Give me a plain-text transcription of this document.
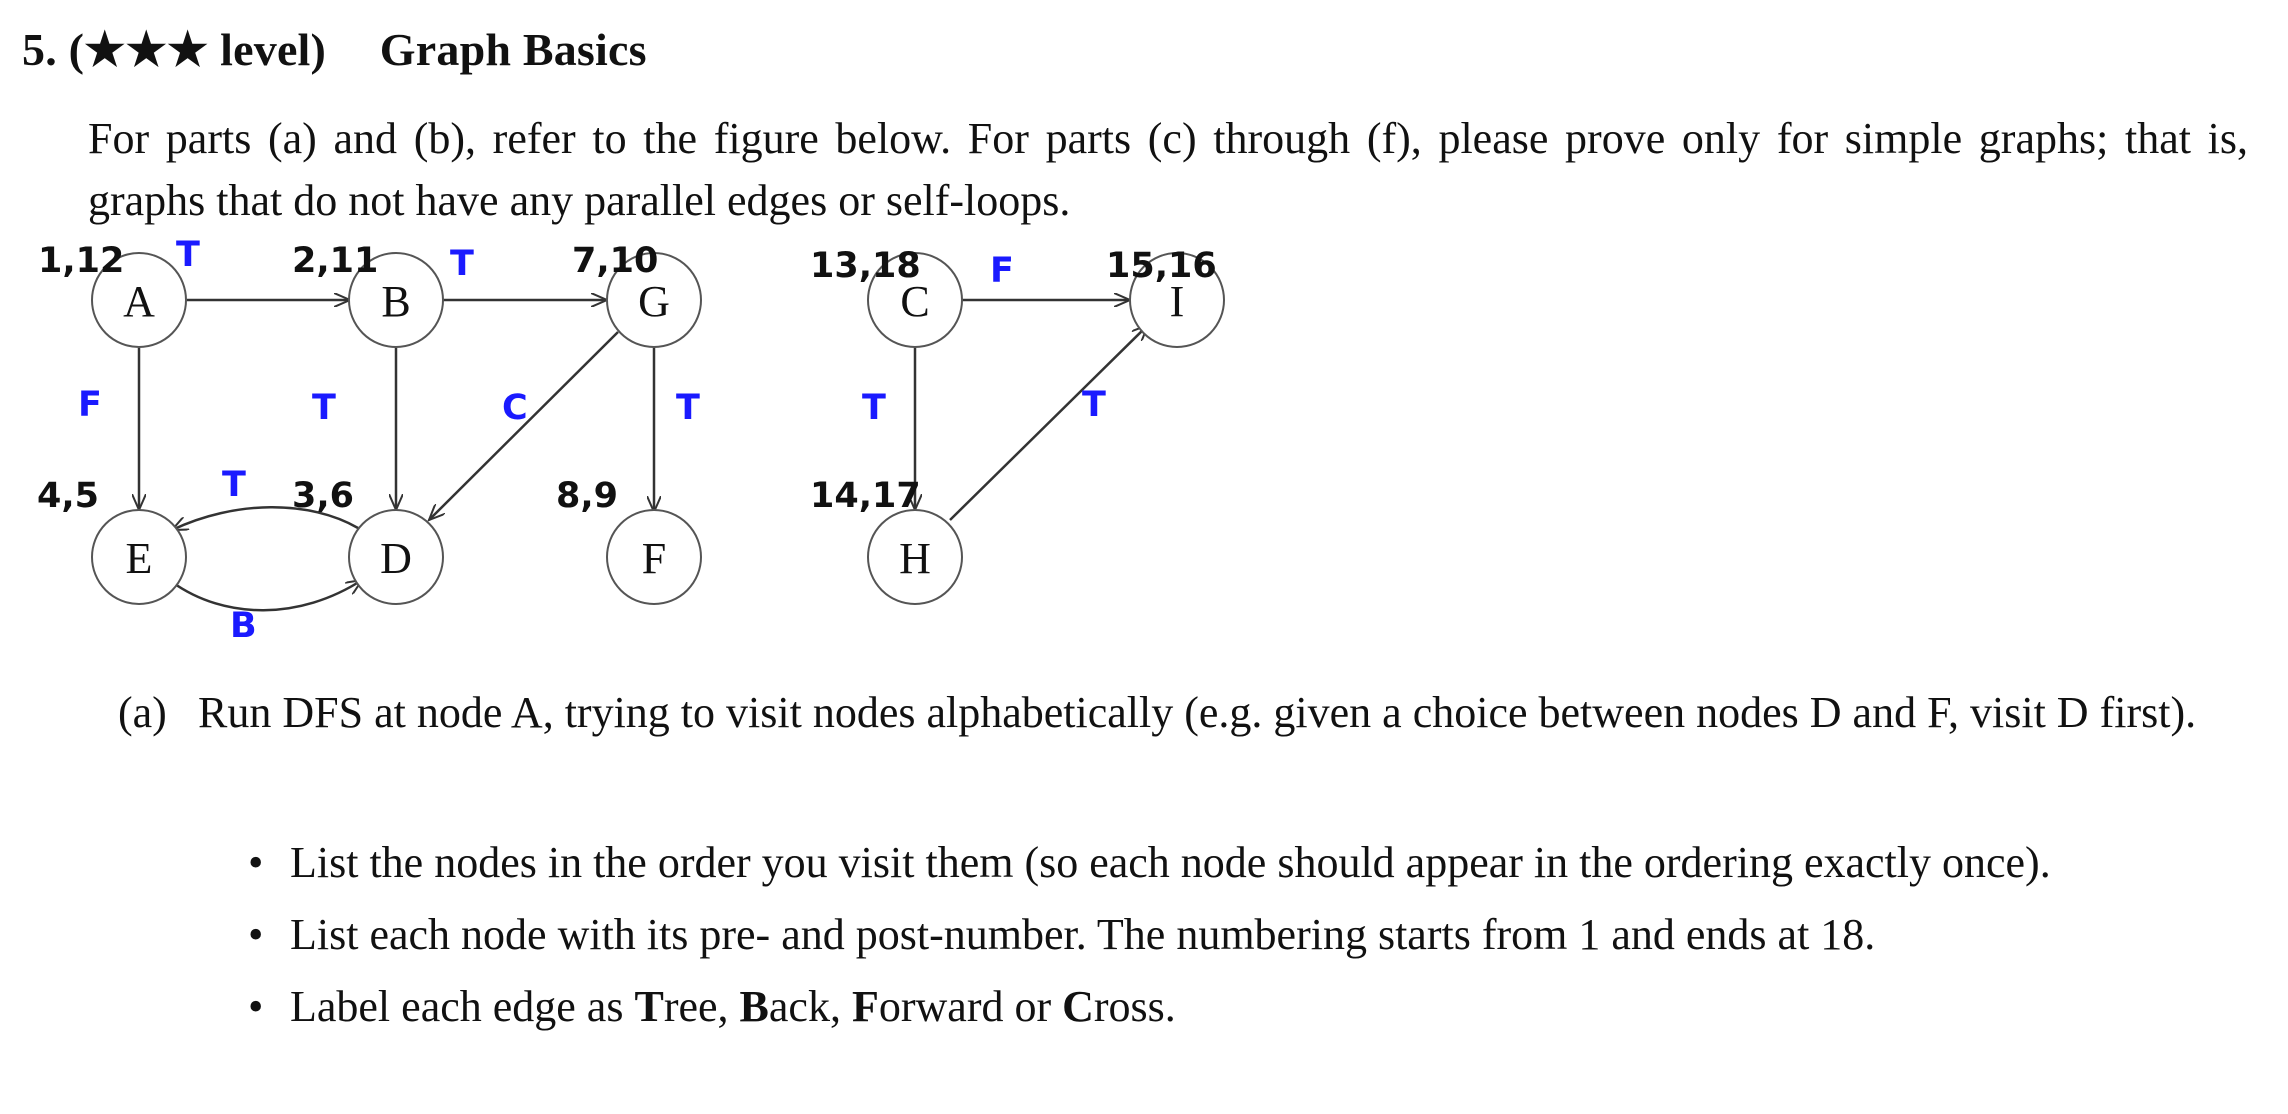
5. (★★★ level) Graph Basics
For parts (a) and (b), refer to the figure below. For parts (c) through (f), please prove only for simple graphs; that is, graphs that do not have any parallel edges or self-loops.
A	B	G
E	D	F
C	I
H
1,12	2,11	7,10
4,5	3,6	8,9
13,18	15,16
14,17
T	T
F	T	C	T
T
B
F
T	T
(a) Run DFS at node A, trying to visit nodes alphabetically (e.g. given a choice between nodes D and F, visit D first).
• List the nodes in the order you visit them (so each node should appear in the ordering exactly once).
• List each node with its pre- and post-number. The numbering starts from 1 and ends at 18.
• Label each edge as Tree, Back, Forward or Cross.
